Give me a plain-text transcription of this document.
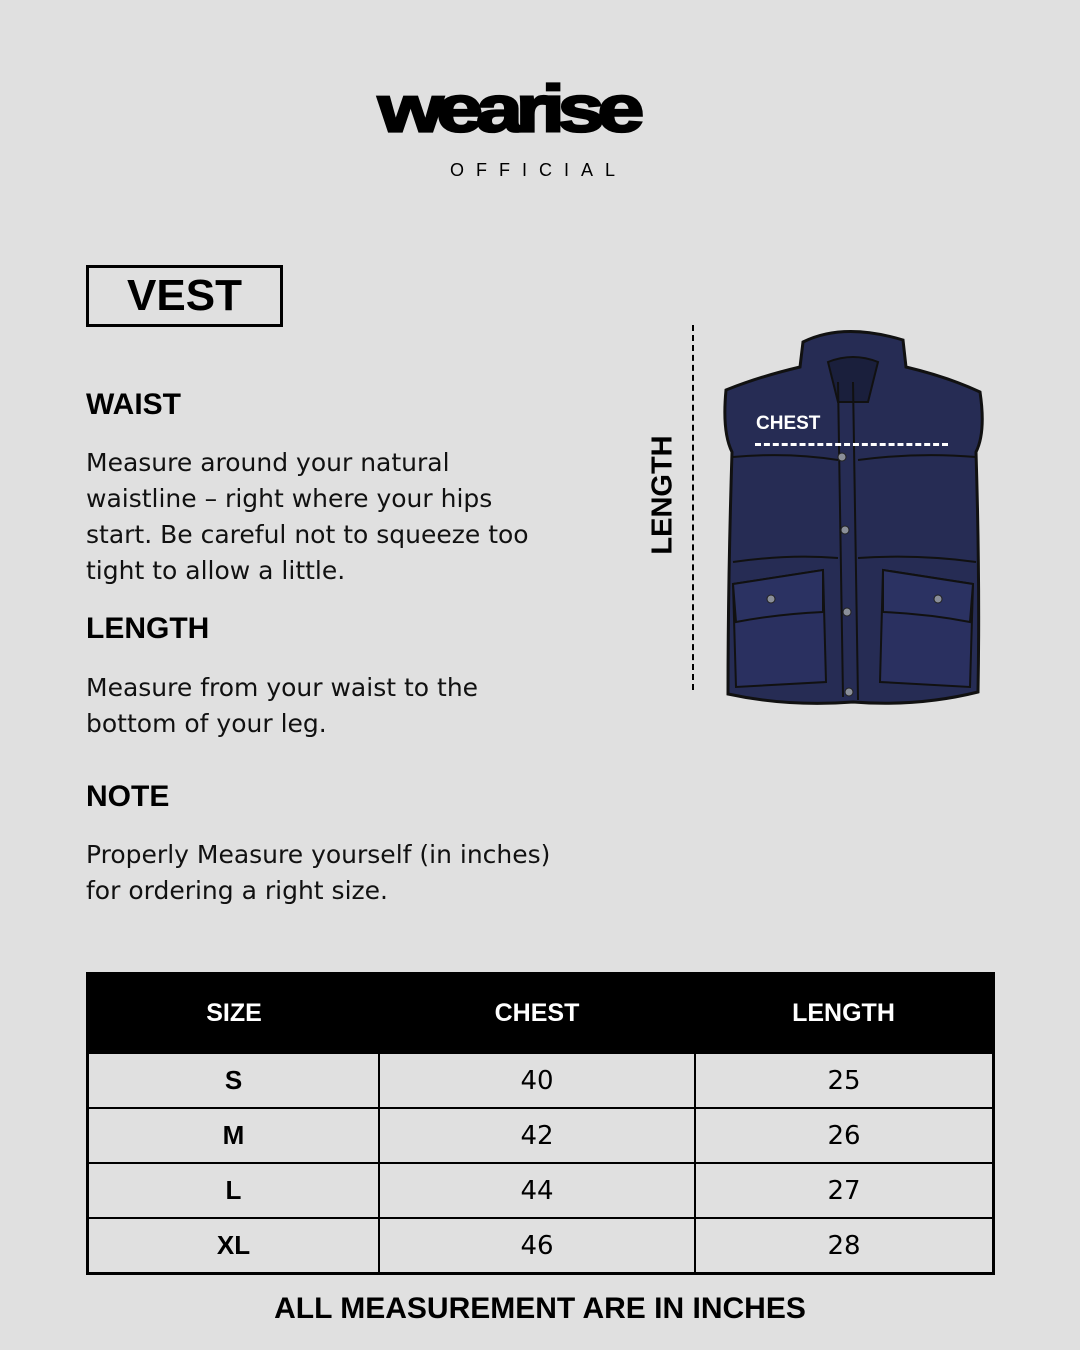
wearise
OFFICIAL
VEST
WAIST
Measure around your natural waistline – right where your hips start. Be careful not to squeeze too tight to allow a little.
LENGTH
Measure from your waist to the bottom of your leg.
NOTE
Properly Measure yourself (in inches) for ordering a right size.
LENGTH
CHEST
SIZE	CHEST	LENGTH
S	40	25
M	42	26
L	44	27
XL	46	28
ALL MEASUREMENT ARE IN INCHES
